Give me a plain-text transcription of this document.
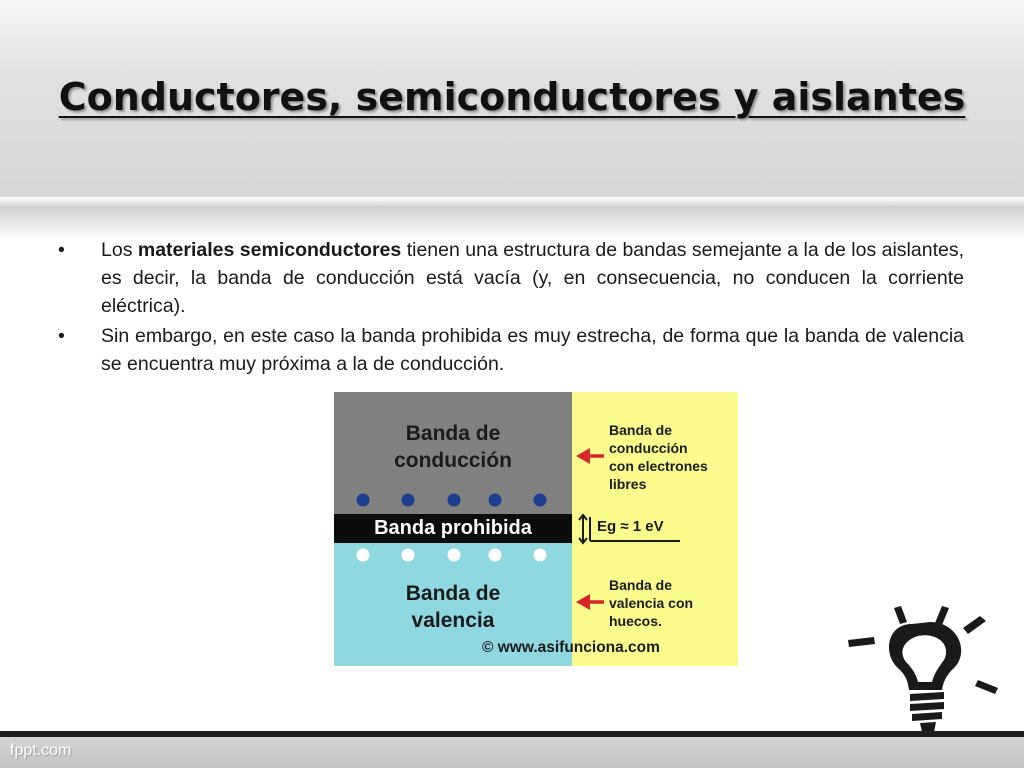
Conductores, semiconductores y aislantes
•	Los materiales semiconductores tienen una estructura de bandas semejante a la de los aislantes, es decir, la banda de conducción está vacía (y, en consecuencia, no conducen la corriente eléctrica).
•	Sin embargo, en este caso la banda prohibida es muy estrecha, de forma que la banda de valencia se encuentra muy próxima a la de conducción.
Banda de
conducción
Banda prohibida
Banda de
valencia
Banda de
conducción
con electrones
libres
Eg ≈ 1 eV
Banda de
valencia con
huecos.
© www.asifunciona.com
fppt.com
